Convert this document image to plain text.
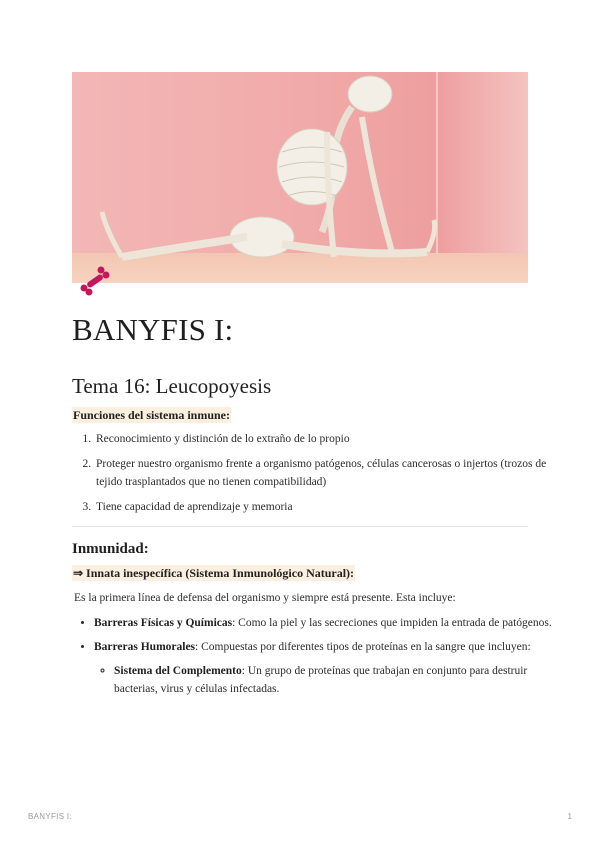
BANYFIS I:
Tema 16: Leucopoyesis
Funciones del sistema inmune:
1. Reconocimiento y distinción de lo extraño de lo propio
2. Proteger nuestro organismo frente a organismo patógenos, células cancerosas o injertos (trozos de tejido trasplantados que no tienen compatibilidad)
3. Tiene capacidad de aprendizaje y memoria
Inmunidad:
⇒ Innata inespecífica (Sistema Inmunológico Natural):
Es la primera línea de defensa del organismo y siempre está presente. Esta incluye:
• Barreras Físicas y Químicas: Como la piel y las secreciones que impiden la entrada de patógenos.
• Barreras Humorales: Compuestas por diferentes tipos de proteínas en la sangre que incluyen:
◦ Sistema del Complemento: Un grupo de proteínas que trabajan en conjunto para destruir bacterias, virus y células infectadas.
BANYFIS I:	1
